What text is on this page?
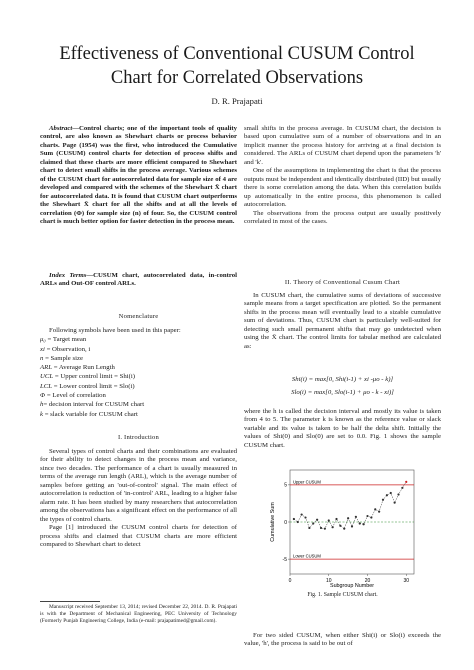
Effectiveness of Conventional CUSUM Control Chart for Correlated Observations
D. R. Prajapati

Abstract—Control charts; one of the important tools of quality control, are also known as Shewhart charts or process behavior charts. Page (1954) was the first, who introduced the Cumulative Sum (CUSUM) control charts for detection of process shifts and claimed that these charts are more efficient compared to Shewhart chart to detect small shifts in the process average. Various schemes of the CUSUM chart for autocorrelated data for sample size of 4 are developed and compared with the schemes of the Shewhart X̄ chart for autocorrelated data. It is found that CUSUM chart outperforms the Shewhart X̄ chart for all the shifts and at all the levels of correlation (Φ) for sample size (n) of four. So, the CUSUM control chart is much better option for faster detection in the process mean.

Index Terms—CUSUM chart, autocorrelated data, in-control ARLs and Out-OF control ARLs.

Nomenclature
Following symbols have been used in this paper:
μ₀ = Target mean
xi = Observation, i
n = Sample size
ARL = Average Run Length
UCL = Upper control limit = Shi(i)
LCL = Lower control limit = Slo(i)
Φ = Level of correlation
h= decision interval for CUSUM chart
k = slack variable for CUSUM chart
I. Introduction

Several types of control charts and their combinations are evaluated for their ability to detect changes in the process mean and variance, since two decades. The performance of a chart is usually measured in terms of the average run length (ARL), which is the average number of samples before getting an 'out-of-control' signal. The main effect of autocorrelation is reduction of 'in-control' ARL, leading to a higher false alarm rate. It has been studied by many researchers that autocorrelation among the observations has a significant effect on the performance of all the types of control charts.

Page [1] introduced the CUSUM control charts for detection of process shifts and claimed that CUSUM charts are more efficient compared to Shewhart chart to detect

Manuscript received September 13, 2014; revised December 22, 2014. D. R. Prajapati is with the Department of Mechanical Engineering, PEC University of Technology (Formerly Punjab Engineering College, India (e-mail: prajapatimed@gmail.com).

small shifts in the process average. In CUSUM chart, the decision is based upon cumulative sum of a number of observations and in an implicit manner the process history for arriving at a final decision is considered. The ARLs of CUSUM chart depend upon the parameters 'h' and 'k'.

One of the assumptions in implementing the chart is that the process outputs must be independent and identically distributed (IID) but usually there is some correlation among the data. When this correlation builds up automatically in the entire process, this phenomenon is called autocorrelation.

The observations from the process output are usually positively correlated in most of the cases.

II. Theory of Conventional Cusum Chart

In CUSUM chart, the cumulative sums of deviations of successive sample means from a target specification are plotted. So the permanent shifts in the process mean will eventually lead to a sizable cumulative sum of deviations. Thus, CUSUM chart is particularly well-suited for detecting such small permanent shifts that may go undetected when using the X̄ chart. The control limits for tabular method are calculated as:

Shi(i) = max[0, Shi(i-1) + xi -μo - k)]
Slo(i) = max[0, Slo(i-1) + μo - k - xi)]

where the h is called the decision interval and mostly its value is taken from 4 to 5. The parameter k is known as the reference value or slack variable and its value is taken to be half the delta shift. Initially the values of Shi(0) and Slo(0) are set to 0.0. Fig. 1 shows the sample CUSUM chart.

0	10	20	30
5
0
-5
Upper CUSUM
Lower CUSUM
Subgroup Number
Cumulative Sum
Fig. 1. Sample CUSUM chart.

For two sided CUSUM, when either Shi(i) or Slo(i) exceeds the value, 'h', the process is said to be out of
